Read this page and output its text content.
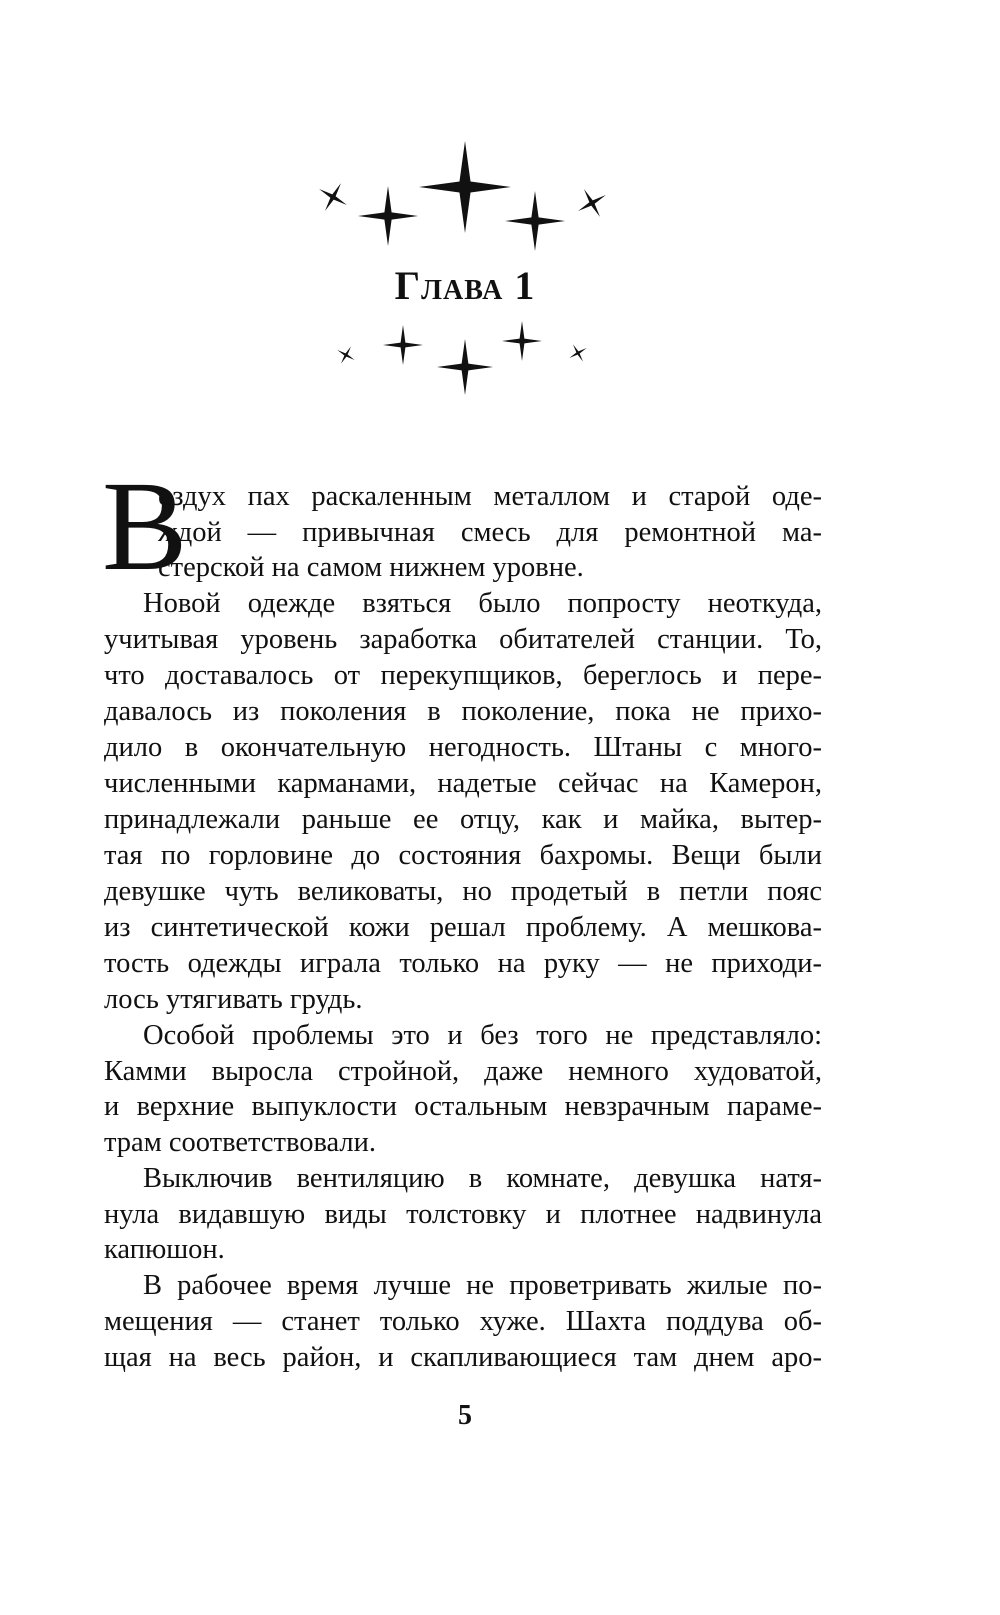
Глава 1
В
оздух пах раскаленным металлом и старой оде-
ждой — привычная смесь для ремонтной ма-
стерской на самом нижнем уровне.
Новой одежде взяться было попросту неоткуда,
учитывая уровень заработка обитателей станции. То,
что доставалось от перекупщиков, береглось и пере-
давалось из поколения в поколение, пока не прихо-
дило в окончательную негодность. Штаны с много-
численными карманами, надетые сейчас на Камерон,
принадлежали раньше ее отцу, как и майка, вытер-
тая по горловине до состояния бахромы. Вещи были
девушке чуть великоваты, но продетый в петли пояс
из синтетической кожи решал проблему. А мешкова-
тость одежды играла только на руку — не приходи-
лось утягивать грудь.
Особой проблемы это и без того не представляло:
Камми выросла стройной, даже немного худоватой,
и верхние выпуклости остальным невзрачным параме-
трам соответствовали.
Выключив вентиляцию в комнате, девушка натя-
нула видавшую виды толстовку и плотнее надвинула
капюшон.
В рабочее время лучше не проветривать жилые по-
мещения — станет только хуже. Шахта поддува об-
щая на весь район, и скапливающиеся там днем аро-
5
